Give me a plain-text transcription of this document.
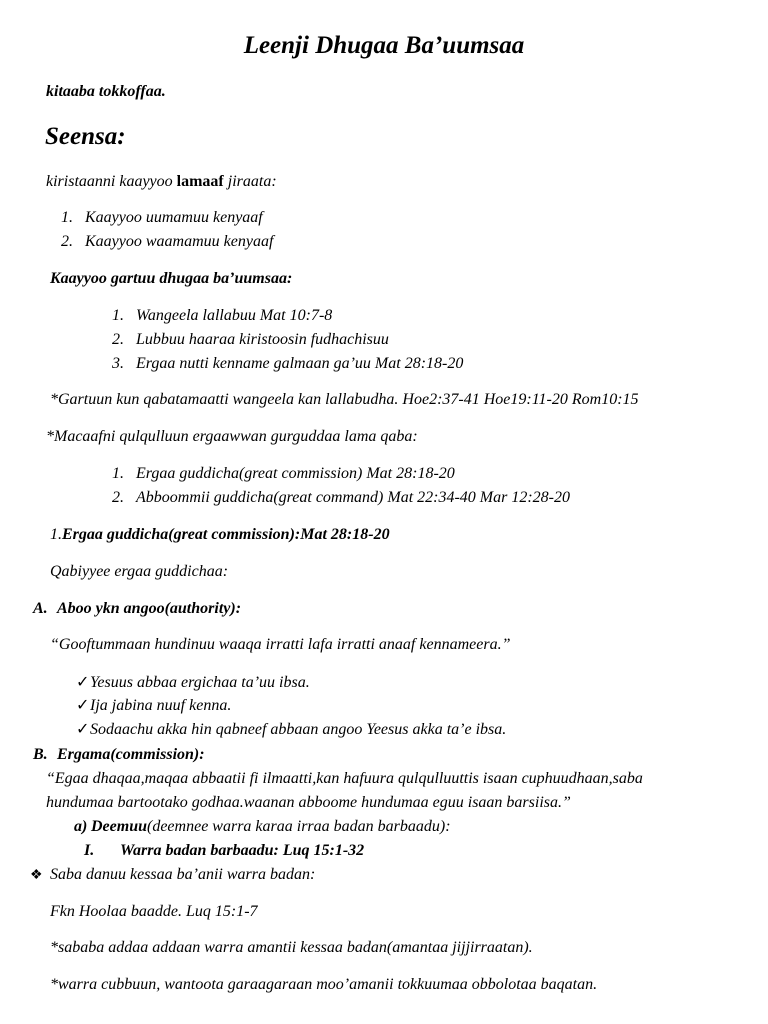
Leenji Dhugaa Ba’uumsaa
kitaaba tokkoffaa.
Seensa:
kiristaanni kaayyoo lamaaf jiraata:
1. Kaayyoo uumamuu kenyaaf
2. Kaayyoo waamamuu kenyaaf
Kaayyoo gartuu dhugaa ba’uumsaa:
1. Wangeela lallabuu Mat 10:7-8
2. Lubbuu haaraa kiristoosin fudhachisuu
3. Ergaa nutti kenname galmaan ga’uu Mat 28:18-20
*Gartuun kun qabatamaatti wangeela kan lallabudha. Hoe2:37-41 Hoe19:11-20 Rom10:15
*Macaafni qulqulluun ergaawwan gurguddaa lama qaba:
1. Ergaa guddicha(great commission) Mat 28:18-20
2. Abboommii guddicha(great command) Mat 22:34-40 Mar 12:28-20
1.Ergaa guddicha(great commission):Mat 28:18-20
Qabiyyee ergaa guddichaa:
A. Aboo ykn angoo(authority):
“Gooftummaan hundinuu waaqa irratti lafa irratti anaaf kennameera.”
✓Yesuus abbaa ergichaa ta’uu ibsa.
✓Ija jabina nuuf kenna.
✓Sodaachu akka hin qabneef abbaan angoo Yeesus akka ta’e ibsa.
B. Ergama(commission):
“Egaa dhaqaa,maqaa abbaatii fi ilmaatti,kan hafuura qulqulluuttis isaan cuphuudhaan,saba
hundumaa bartootako godhaa.waanan abboome hundumaa eguu isaan barsiisa.”
a) Deemuu(deemnee warra karaa irraa badan barbaadu):
I. Warra badan barbaadu: Luq 15:1-32
❖ Saba danuu kessaa ba’anii warra badan:
Fkn Hoolaa baadde. Luq 15:1-7
*sababa addaa addaan warra amantii kessaa badan(amantaa jijjirraatan).
*warra cubbuun, wantoota garaagaraan moo’amanii tokkuumaa obbolotaa baqatan.
